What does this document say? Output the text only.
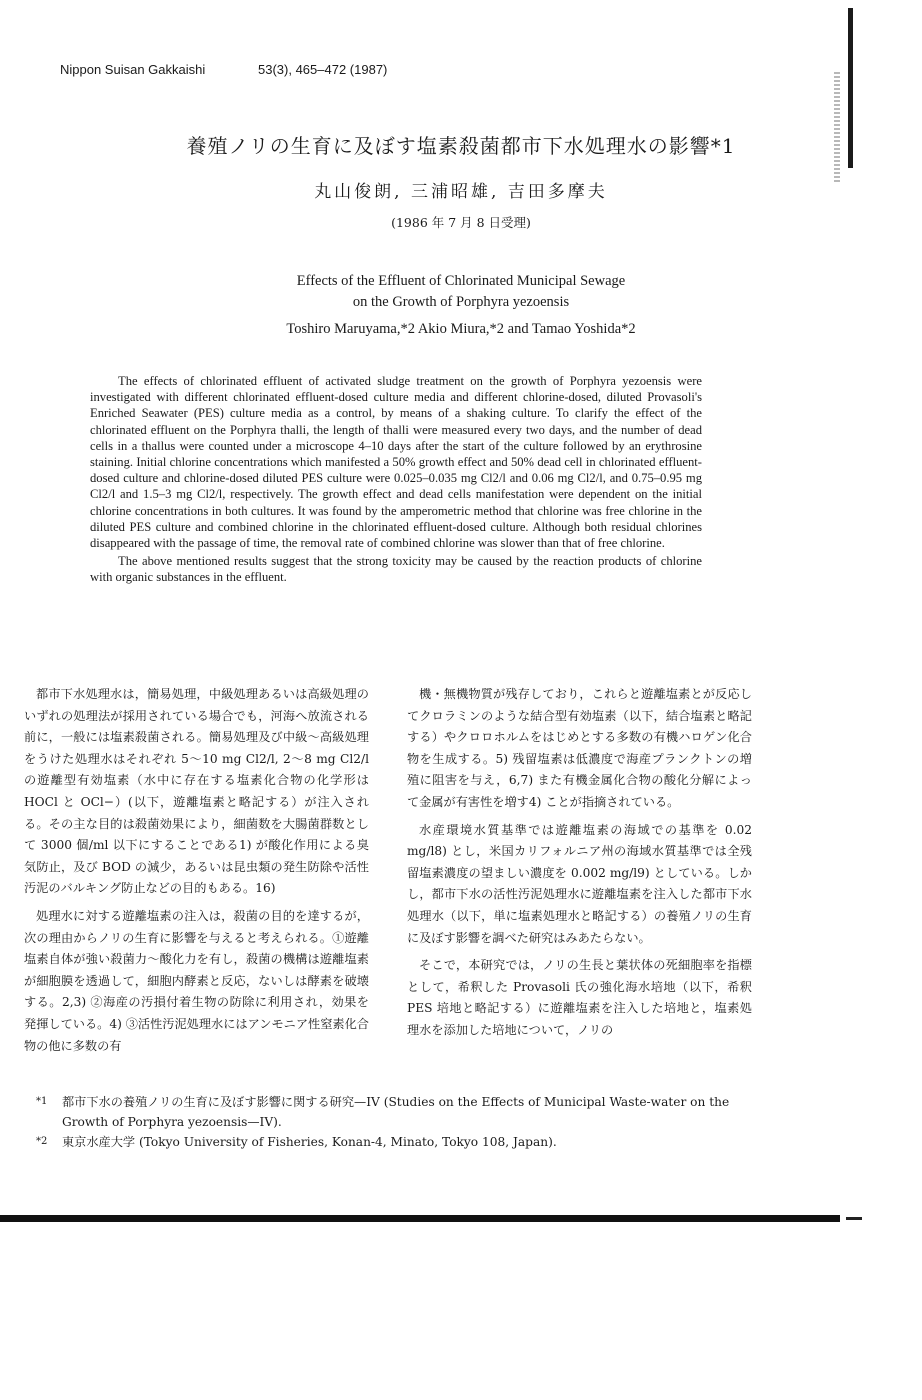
Nippon Suisan Gakkaishi	53(3), 465–472 (1987)
養殖ノリの生育に及ぼす塩素殺菌都市下水処理水の影響*1
丸山俊朗, 三浦昭雄, 吉田多摩夫
(1986 年 7 月 8 日受理)
Effects of the Effluent of Chlorinated Municipal Sewage
on the Growth of Porphyra yezoensis
Toshiro Maruyama,*2 Akio Miura,*2 and Tamao Yoshida*2

The effects of chlorinated effluent of activated sludge treatment on the growth of Porphyra yezoensis were investigated with different chlorinated effluent-dosed culture media and different chlorine-dosed, diluted Provasoli's Enriched Seawater (PES) culture media as a control, by means of a shaking culture. To clarify the effect of the chlorinated effluent on the Porphyra thalli, the length of thalli were measured every two days, and the number of dead cells in a thallus were counted under a microscope 4–10 days after the start of the culture followed by an erythrosine staining. Initial chlorine concentrations which manifested a 50% growth effect and 50% dead cell in chlorinated effluent-dosed culture and chlorine-dosed diluted PES culture were 0.025–0.035 mg Cl2/l and 0.06 mg Cl2/l, and 0.75–0.95 mg Cl2/l and 1.5–3 mg Cl2/l, respectively. The growth effect and dead cells manifestation were dependent on the initial chlorine concentrations in both cultures. It was found by the amperometric method that chlorine was free chlorine in the diluted PES culture and combined chlorine in the chlorinated effluent-dosed culture. Although both residual chlorines disappeared with the passage of time, the removal rate of combined chlorine was slower than that of free chlorine.

The above mentioned results suggest that the strong toxicity may be caused by the reaction products of chlorine with organic substances in the effluent.

都市下水処理水は，簡易処理，中級処理あるいは高級処理のいずれの処理法が採用されている場合でも，河海へ放流される前に，一般には塩素殺菌される。簡易処理及び中級～高級処理をうけた処理水はそれぞれ 5～10 mg Cl2/l, 2～8 mg Cl2/l の遊離型有効塩素（水中に存在する塩素化合物の化学形は HOCl と OCl−）(以下，遊離塩素と略記する）が注入される。その主な目的は殺菌効果により，細菌数を大腸菌群数として 3000 個/ml 以下にすることである1) が酸化作用による臭気防止，及び BOD の減少，あるいは昆虫類の発生防除や活性汚泥のバルキング防止などの目的もある。16)

処理水に対する遊離塩素の注入は，殺菌の目的を達するが，次の理由からノリの生育に影響を与えると考えられる。①遊離塩素自体が強い殺菌力～酸化力を有し，殺菌の機構は遊離塩素が細胞膜を透過して，細胞内酵素と反応，ないしは酵素を破壊する。2,3) ②海産の汚損付着生物の防除に利用され，効果を発揮している。4) ③活性汚泥処理水にはアンモニア性窒素化合物の他に多数の有

機・無機物質が残存しており，これらと遊離塩素とが反応してクロラミンのような結合型有効塩素（以下，結合塩素と略記する）やクロロホルムをはじめとする多数の有機ハロゲン化合物を生成する。5) 残留塩素は低濃度で海産プランクトンの増殖に阻害を与え，6,7) また有機金属化合物の酸化分解によって金属が有害性を増す4) ことが指摘されている。

水産環境水質基準では遊離塩素の海域での基準を 0.02 mg/l8) とし，米国カリフォルニア州の海域水質基準では全残留塩素濃度の望ましい濃度を 0.002 mg/l9) としている。しかし，都市下水の活性汚泥処理水に遊離塩素を注入した都市下水処理水（以下，単に塩素処理水と略記する）の養殖ノリの生育に及ぼす影響を調べた研究はみあたらない。

そこで，本研究では，ノリの生長と葉状体の死細胞率を指標として，希釈した Provasoli 氏の強化海水培地（以下，希釈 PES 培地と略記する）に遊離塩素を注入した培地と，塩素処理水を添加した培地について，ノリの

*1	都市下水の養殖ノリの生育に及ぼす影響に関する研究—IV (Studies on the Effects of Municipal Waste-water on the Growth of Porphyra yezoensis—IV).
*2	東京水産大学 (Tokyo University of Fisheries, Konan-4, Minato, Tokyo 108, Japan).
